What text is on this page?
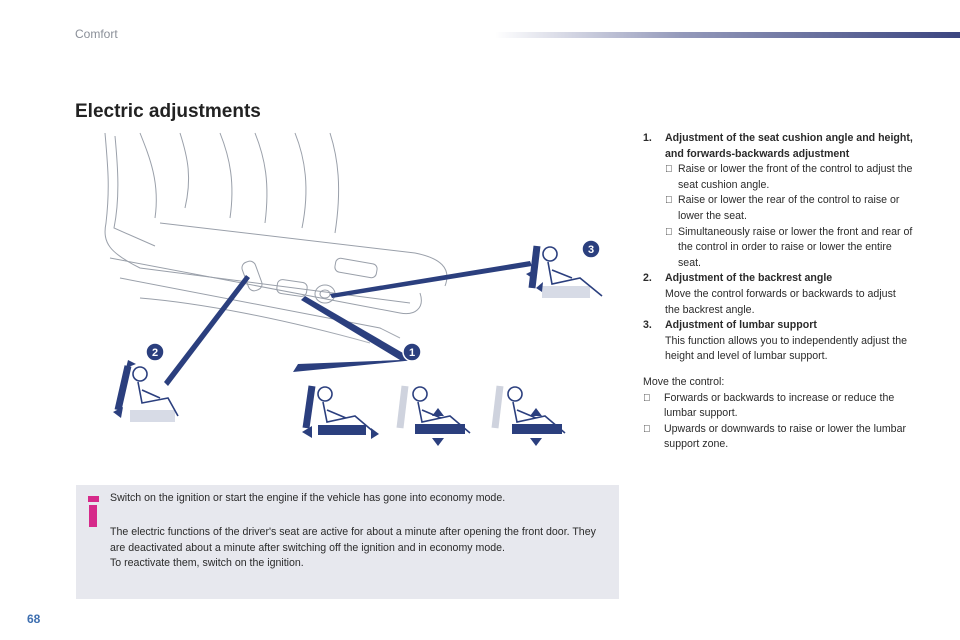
Comfort
Electric adjustments
1
2
3
1. Adjustment of the seat cushion angle and height, and forwards-backwards adjustment
Raise or lower the front of the control to adjust the seat cushion angle.
Raise or lower the rear of the control to raise or lower the seat.
Simultaneously raise or lower the front and rear of the control in order to raise or lower the entire seat.
2. Adjustment of the backrest angle
Move the control forwards or backwards to adjust the backrest angle.
3. Adjustment of lumbar support
This function allows you to independently adjust the height and level of lumbar support.
Move the control:
Forwards or backwards to increase or reduce the lumbar support.
Upwards or downwards to raise or lower the lumbar support zone.

Switch on the ignition or start the engine if the vehicle has gone into economy mode.

The electric functions of the driver's seat are active for about a minute after opening the front door. They are deactivated about a minute after switching off the ignition and in economy mode.
To reactivate them, switch on the ignition.
68
